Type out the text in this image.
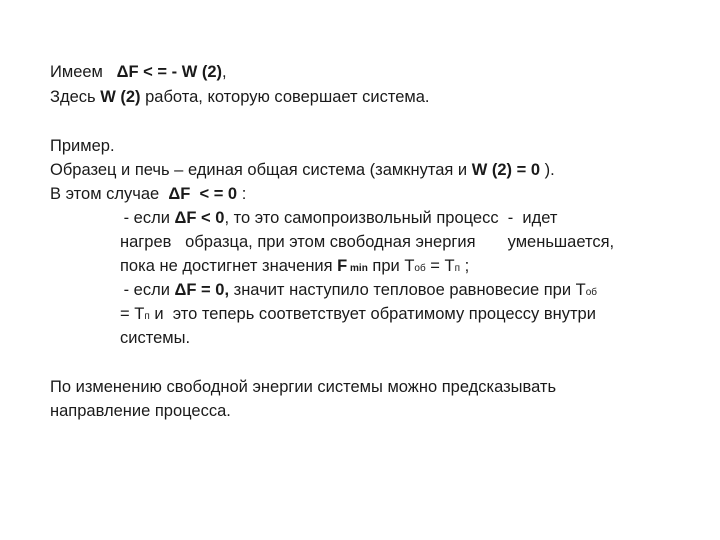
Имеем   ΔF < = - W (2),
Здесь W (2) работа, которую совершает система.
Пример.
Образец и печь – единая общая система (замкнутая и W (2) = 0 ).
В этом случае  ΔF  < = 0 :
- если ΔF < 0, то это самопроизвольный процесс  -  идет
нагрев   образца, при этом свободная энергия       уменьшается,
пока не достигнет значения F min при Тоб = Тп ;
- если ΔF = 0, значит наступило тепловое равновесие при Тоб
= Тп и  это теперь соответствует обратимому процессу внутри
системы.
По изменению свободной энергии системы можно предсказывать
направление процесса.
